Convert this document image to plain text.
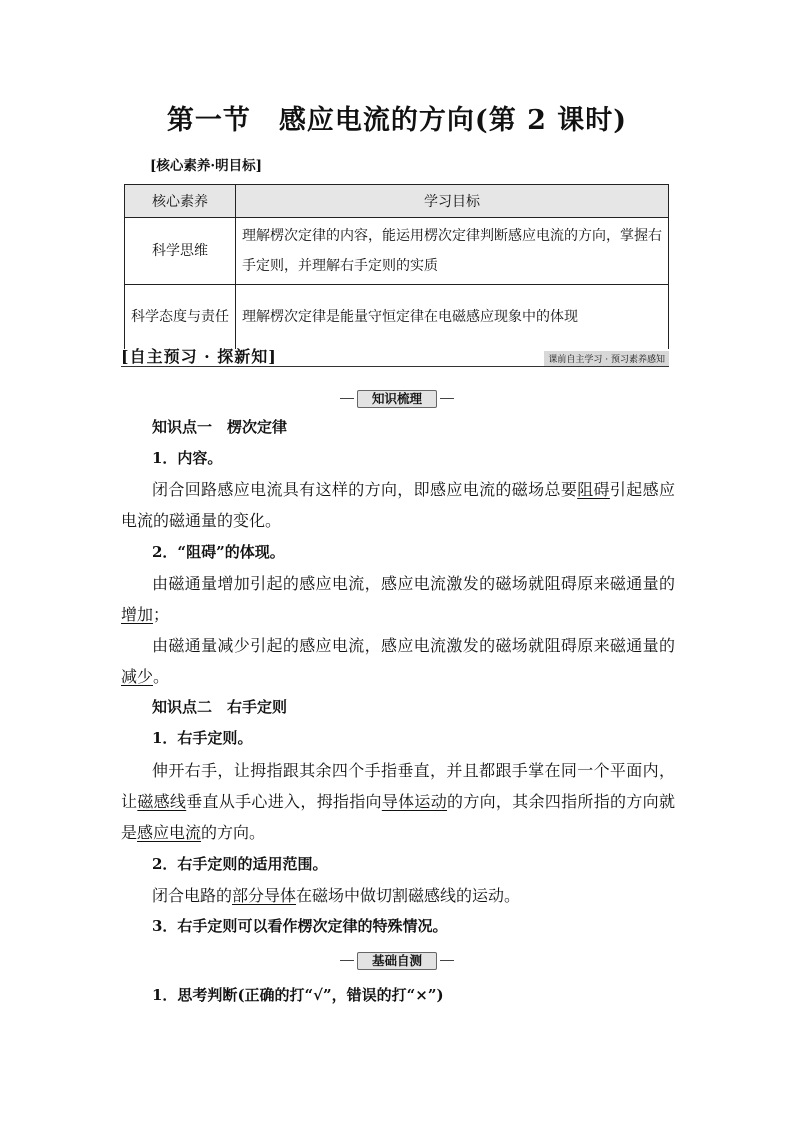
第一节　感应电流的方向(第 2 课时)
[核心素养·明目标]
核心素养	学习目标
科学思维	理解楞次定律的内容，能运用楞次定律判断感应电流的方向，掌握右手定则，并理解右手定则的实质
科学态度与责任	理解楞次定律是能量守恒定律在电磁感应现象中的体现
[自主预习 · 探新知]	课前自主学习 · 预习素养感知
知识梳理

知识点一　楞次定律

1．内容。

闭合回路感应电流具有这样的方向，即感应电流的磁场总要阻碍引起感应电流的磁通量的变化。

2．“阻碍”的体现。

由磁通量增加引起的感应电流，感应电流激发的磁场就阻碍原来磁通量的增加；

由磁通量减少引起的感应电流，感应电流激发的磁场就阻碍原来磁通量的减少。

知识点二　右手定则

1．右手定则。

伸开右手，让拇指跟其余四个手指垂直，并且都跟手掌在同一个平面内，让磁感线垂直从手心进入，拇指指向导体运动的方向，其余四指所指的方向就是感应电流的方向。

2．右手定则的适用范围。

闭合电路的部分导体在磁场中做切割磁感线的运动。

3．右手定则可以看作楞次定律的特殊情况。

基础自测

1．思考判断(正确的打“√”，错误的打“×”)
